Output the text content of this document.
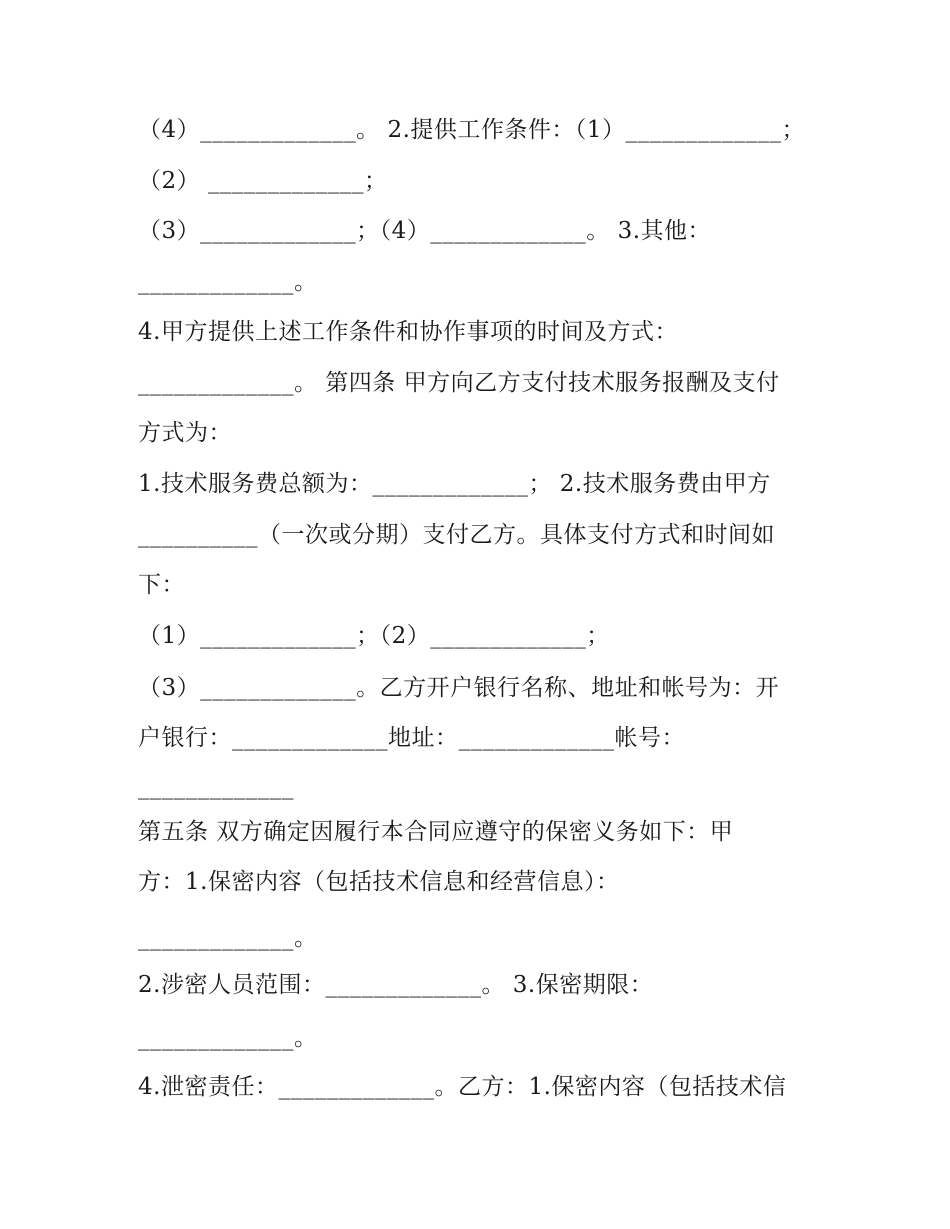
（4）_____________。 2.提供工作条件：（1）_____________；
（2） _____________；
（3）_____________；（4）_____________。 3.其他：
_____________。
4.甲方提供上述工作条件和协作事项的时间及方式：
_____________。 第四条 甲方向乙方支付技术服务报酬及支付
方式为：
1.技术服务费总额为：_____________； 2.技术服务费由甲方
__________（一次或分期）支付乙方。具体支付方式和时间如
下：
（1）_____________；（2）_____________；
（3）_____________。乙方开户银行名称、地址和帐号为：开
户银行：_____________地址：_____________帐号：
_____________
第五条 双方确定因履行本合同应遵守的保密义务如下：甲
方：1.保密内容（包括技术信息和经营信息）：
_____________。
2.涉密人员范围：_____________。 3.保密期限：
_____________。
4.泄密责任：_____________。乙方：1.保密内容（包括技术信
